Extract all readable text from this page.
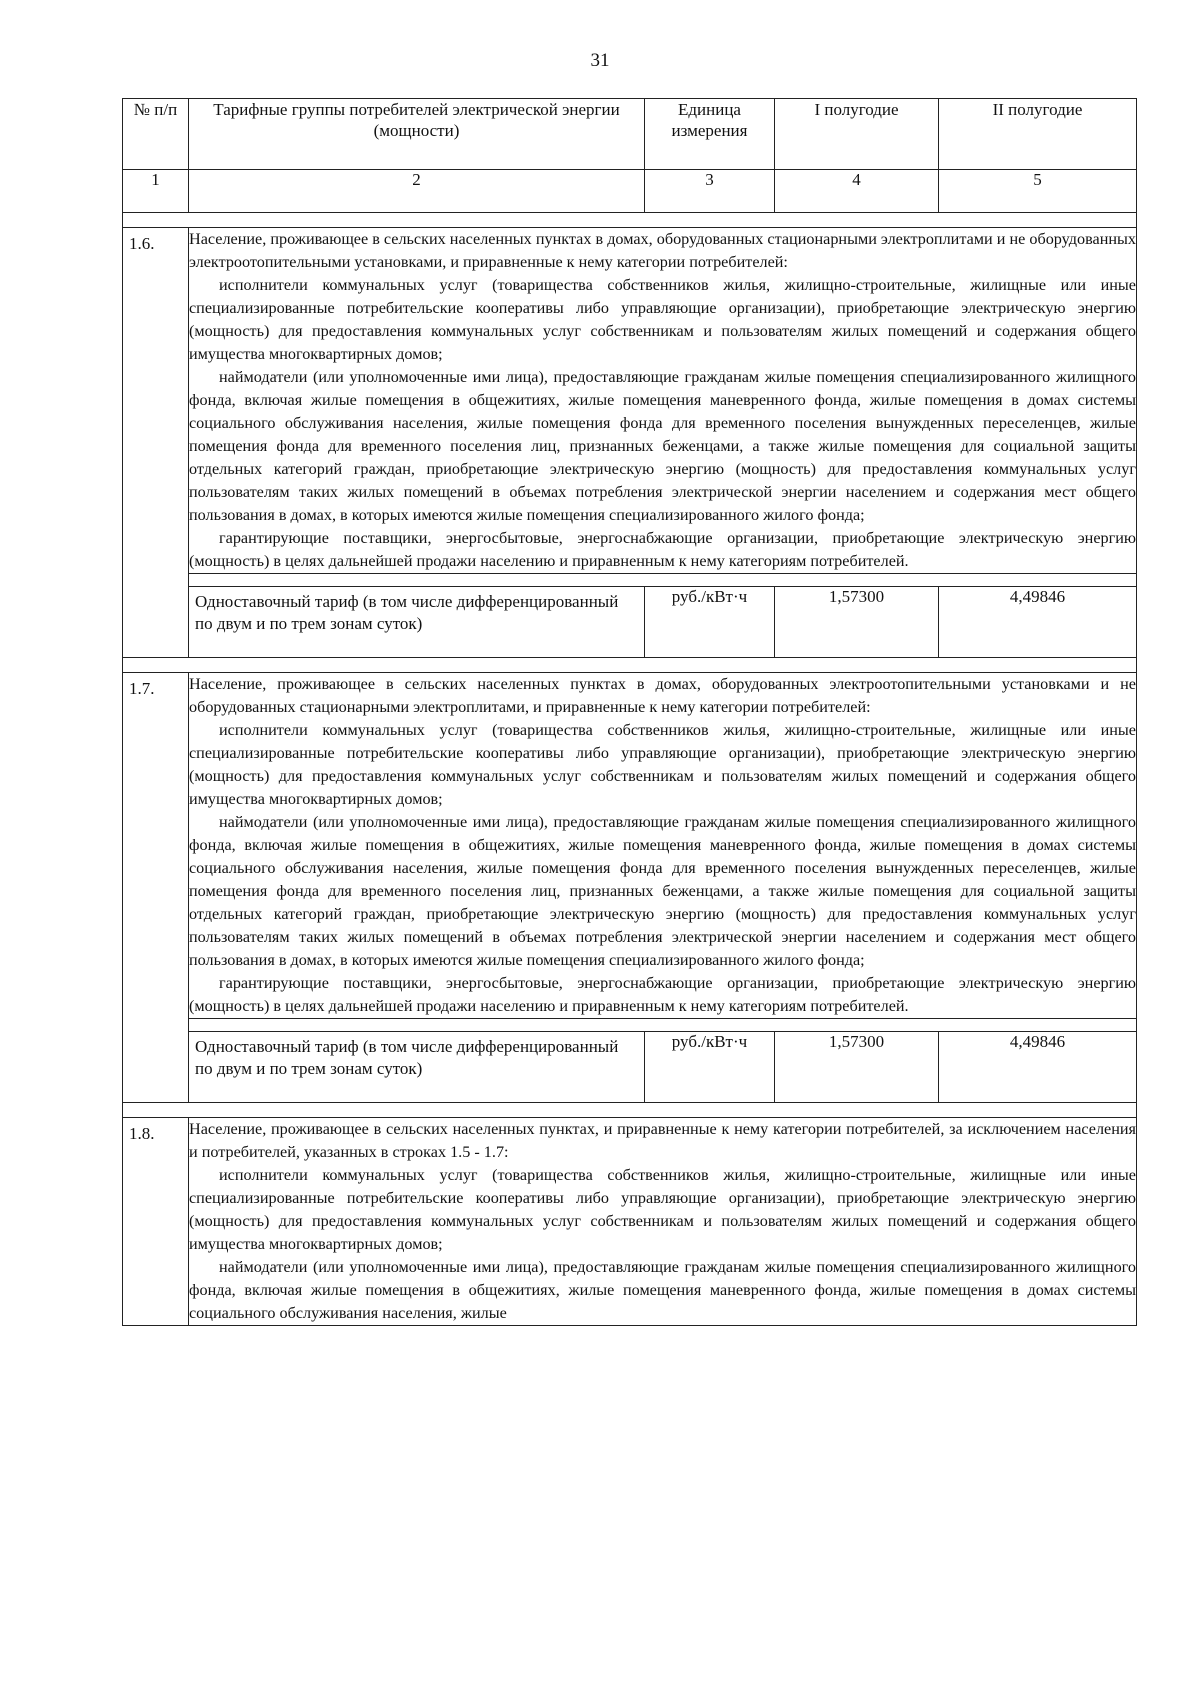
31
№ п/п	Тарифные группы потребителей электрической энергии (мощности)	Единица измерения	I полугодие	II полугодие
1	2	3	4	5

1.6.	Население, проживающее в сельских населенных пунктах в домах, оборудованных стационарными электроплитами и не оборудованных электроотопительными установками, и приравненные к нему категории потребителей:

исполнители коммунальных услуг (товарищества собственников жилья, жилищно-строительные, жилищные или иные специализированные потребительские кооперативы либо управляющие организации), приобретающие электрическую энергию (мощность) для предоставления коммунальных услуг собственникам и пользователям жилых помещений и содержания общего имущества многоквартирных домов;

наймодатели (или уполномоченные ими лица), предоставляющие гражданам жилые помещения специализированного жилищного фонда, включая жилые помещения в общежитиях, жилые помещения маневренного фонда, жилые помещения в домах системы социального обслуживания населения, жилые помещения фонда для временного поселения вынужденных переселенцев, жилые помещения фонда для временного поселения лиц, признанных беженцами, а также жилые помещения для социальной защиты отдельных категорий граждан, приобретающие электрическую энергию (мощность) для предоставления коммунальных услуг пользователям таких жилых помещений в объемах потребления электрической энергии населением и содержания мест общего пользования в домах, в которых имеются жилые помещения специализированного жилого фонда;

гарантирующие поставщики, энергосбытовые, энергоснабжающие организации, приобретающие электрическую энергию (мощность) в целях дальнейшей продажи населению и приравненным к нему категориям потребителей.			

	Одноставочный тариф (в том числе дифференцированный по двум и по трем зонам суток)	руб./кВт·ч	1,57300	4,49846

1.7.	Население, проживающее в сельских населенных пунктах в домах, оборудованных электроотопительными установками и не оборудованных стационарными электроплитами, и приравненные к нему категории потребителей:

исполнители коммунальных услуг (товарищества собственников жилья, жилищно-строительные, жилищные или иные специализированные потребительские кооперативы либо управляющие организации), приобретающие электрическую энергию (мощность) для предоставления коммунальных услуг собственникам и пользователям жилых помещений и содержания общего имущества многоквартирных домов;

наймодатели (или уполномоченные ими лица), предоставляющие гражданам жилые помещения специализированного жилищного фонда, включая жилые помещения в общежитиях, жилые помещения маневренного фонда, жилые помещения в домах системы социального обслуживания населения, жилые помещения фонда для временного поселения вынужденных переселенцев, жилые помещения фонда для временного поселения лиц, признанных беженцами, а также жилые помещения для социальной защиты отдельных категорий граждан, приобретающие электрическую энергию (мощность) для предоставления коммунальных услуг пользователям таких жилых помещений в объемах потребления электрической энергии населением и содержания мест общего пользования в домах, в которых имеются жилые помещения специализированного жилого фонда;

гарантирующие поставщики, энергосбытовые, энергоснабжающие организации, приобретающие электрическую энергию (мощность) в целях дальнейшей продажи населению и приравненным к нему категориям потребителей.			

	Одноставочный тариф (в том числе дифференцированный по двум и по трем зонам суток)	руб./кВт·ч	1,57300	4,49846

1.8.	Население, проживающее в сельских населенных пунктах, и приравненные к нему категории потребителей, за исключением населения и потребителей, указанных в строках 1.5 - 1.7:

исполнители коммунальных услуг (товарищества собственников жилья, жилищно-строительные, жилищные или иные специализированные потребительские кооперативы либо управляющие организации), приобретающие электрическую энергию (мощность) для предоставления коммунальных услуг собственникам и пользователям жилых помещений и содержания общего имущества многоквартирных домов;

наймодатели (или уполномоченные ими лица), предоставляющие гражданам жилые помещения специализированного жилищного фонда, включая жилые помещения в общежитиях, жилые помещения маневренного фонда, жилые помещения в домах системы социального обслуживания населения, жилые			
